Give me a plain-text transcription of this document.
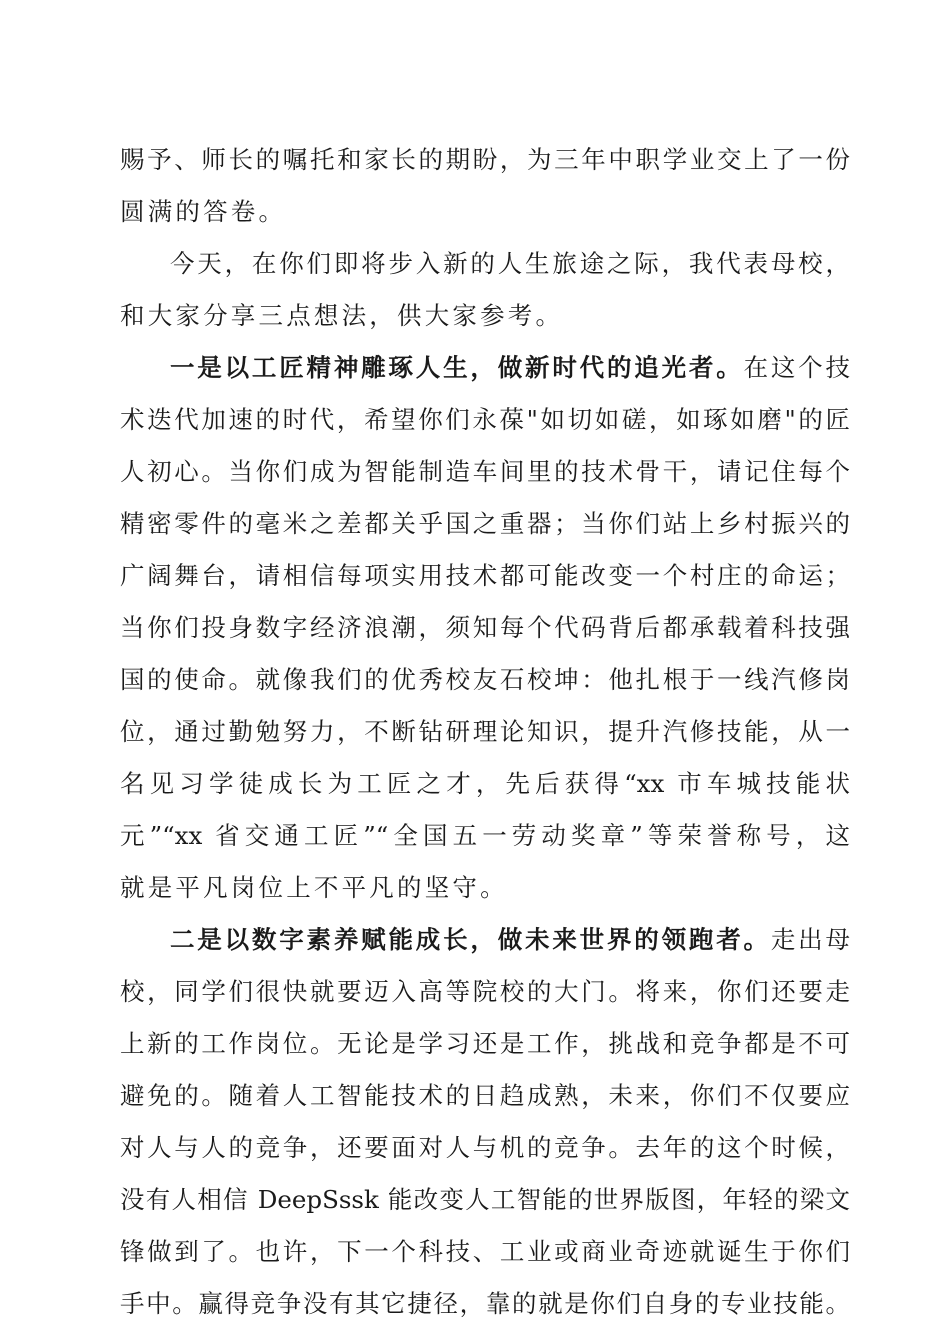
赐予、师长的嘱托和家长的期盼，为三年中职学业交上了一份
圆满的答卷。
今天，在你们即将步入新的人生旅途之际，我代表母校，
和大家分享三点想法，供大家参考。
一是以工匠精神雕琢人生，做新时代的追光者。在这个技
术迭代加速的时代，希望你们永葆"如切如磋，如琢如磨"的匠
人初心。当你们成为智能制造车间里的技术骨干，请记住每个
精密零件的毫米之差都关乎国之重器；当你们站上乡村振兴的
广阔舞台，请相信每项实用技术都可能改变一个村庄的命运；
当你们投身数字经济浪潮，须知每个代码背后都承载着科技强
国的使命。就像我们的优秀校友石校坤：他扎根于一线汽修岗
位，通过勤勉努力，不断钻研理论知识，提升汽修技能，从一
名见习学徒成长为工匠之才，先后获得“xx 市车城技能状
元”“xx 省交通工匠”“全国五一劳动奖章”等荣誉称号，这
就是平凡岗位上不平凡的坚守。
二是以数字素养赋能成长，做未来世界的领跑者。走出母
校，同学们很快就要迈入高等院校的大门。将来，你们还要走
上新的工作岗位。无论是学习还是工作，挑战和竞争都是不可
避免的。随着人工智能技术的日趋成熟，未来，你们不仅要应
对人与人的竞争，还要面对人与机的竞争。去年的这个时候，
没有人相信 DeepSssk 能改变人工智能的世界版图，年轻的梁文
锋做到了。也许，下一个科技、工业或商业奇迹就诞生于你们
手中。赢得竞争没有其它捷径，靠的就是你们自身的专业技能。
